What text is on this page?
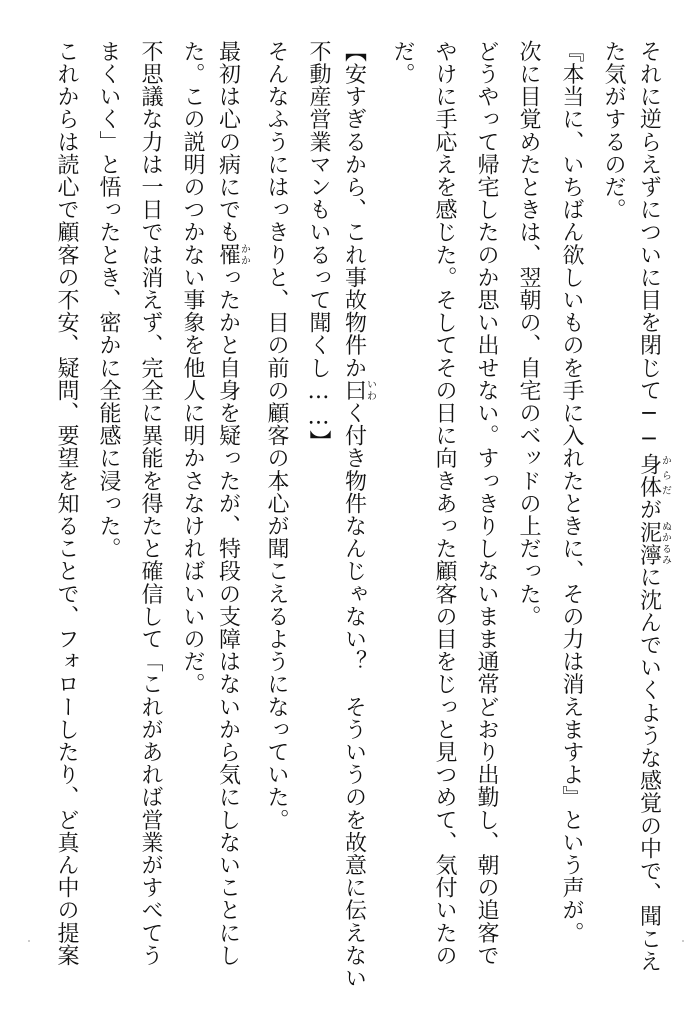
それに逆らえずについに目を閉じて──身体からだが泥濘ぬかるみに沈んでいくような感覚の中で、聞こえ
た気がするのだ。
『本当に、いちばん欲しいものを手に入れたときに、その力は消えますよ』という声が。
次に目覚めたときは、翌朝の、自宅のベッドの上だった。
どうやって帰宅したのか思い出せない。すっきりしないまま通常どおり出勤し、朝の追客で
やけに手応えを感じた。そしてその日に向きあった顧客の目をじっと見つめて、気付いたの
だ。
【安すぎるから、これ事故物件か曰いわく付き物件なんじゃない？　そういうのを故意に伝えない
不動産営業マンもいるって聞くし……】
そんなふうにはっきりと、目の前の顧客の本心が聞こえるようになっていた。
最初は心の病にでも罹かかったかと自身を疑ったが、特段の支障はないから気にしないことにし
た。この説明のつかない事象を他人に明かさなければいいのだ。
不思議な力は一日では消えず、完全に異能を得たと確信して「これがあれば営業がすべてう
まくいく」と悟ったとき、密かに全能感に浸った。
これからは読心で顧客の不安、疑問、要望を知ることで、フォローしたり、ど真ん中の提案
